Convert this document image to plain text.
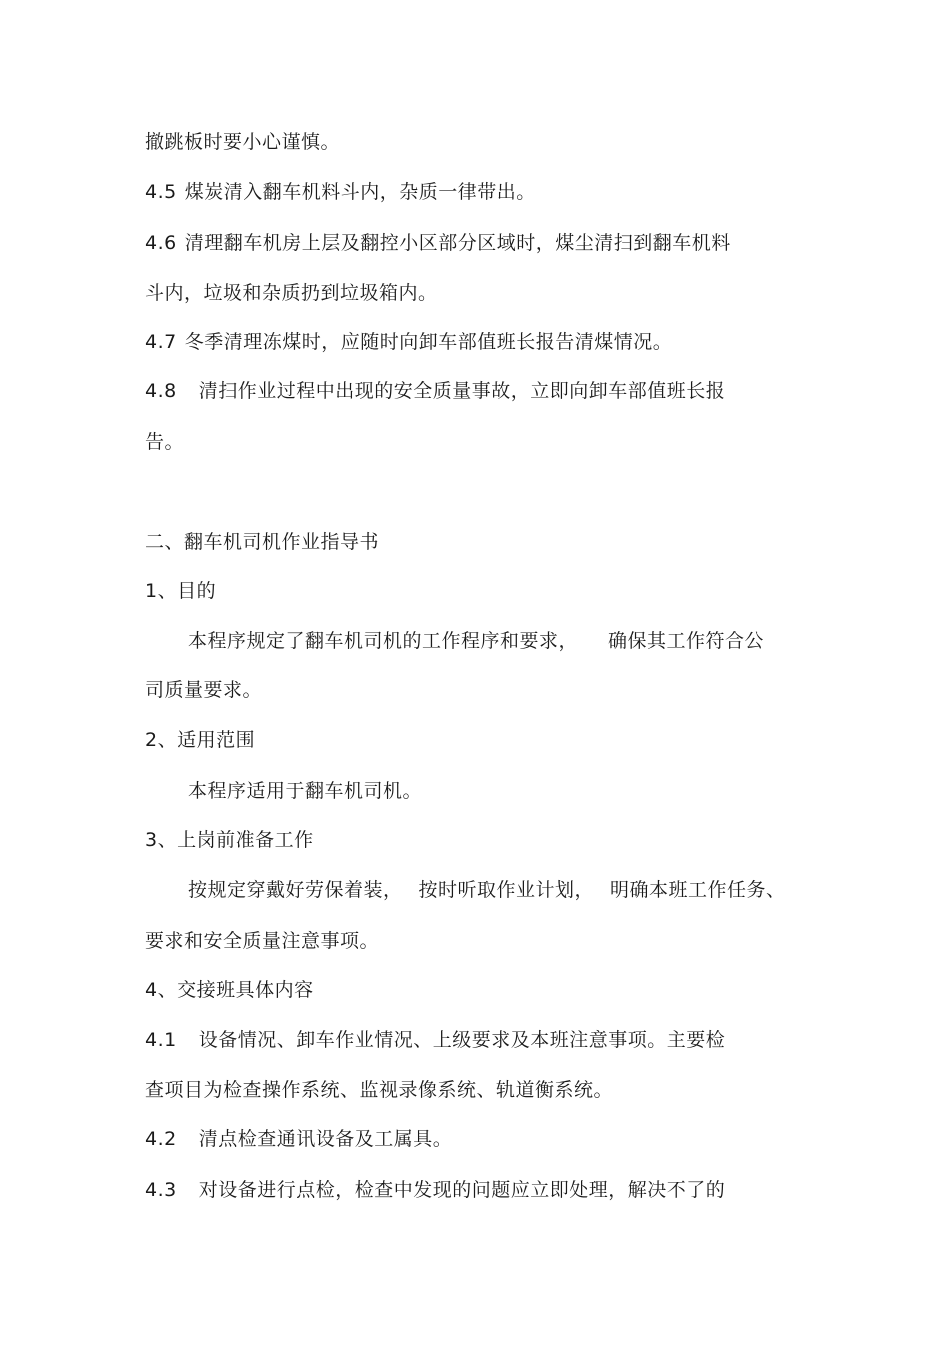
撤跳板时要小心谨慎。
4.5 煤炭清入翻车机料斗内，杂质一律带出。
4.6 清理翻车机房上层及翻控小区部分区域时，煤尘清扫到翻车机料
斗内，垃圾和杂质扔到垃圾箱内。
4.7 冬季清理冻煤时，应随时向卸车部值班长报告清煤情况。
4.8 清扫作业过程中出现的安全质量事故，立即向卸车部值班长报
告。
二、翻车机司机作业指导书
1、目的
本程序规定了翻车机司机的工作程序和要求， 确保其工作符合公
司质量要求。
2、适用范围
本程序适用于翻车机司机。
3、上岗前准备工作
按规定穿戴好劳保着装， 按时听取作业计划， 明确本班工作任务、
要求和安全质量注意事项。
4、交接班具体内容
4.1 设备情况、卸车作业情况、上级要求及本班注意事项。主要检
查项目为检查操作系统、监视录像系统、轨道衡系统。
4.2 清点检查通讯设备及工属具。
4.3 对设备进行点检，检查中发现的问题应立即处理，解决不了的
